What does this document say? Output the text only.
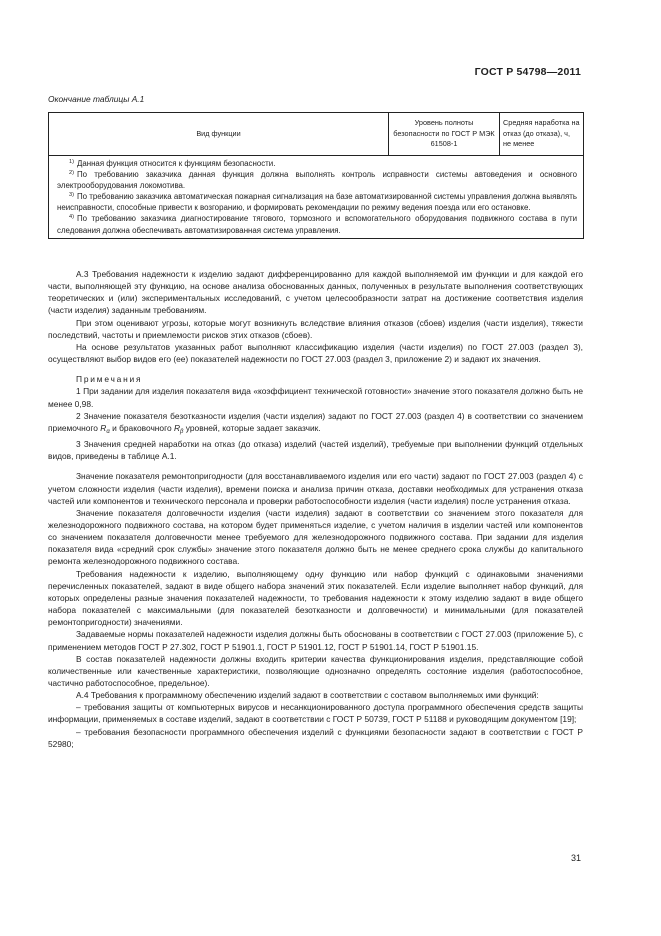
ГОСТ Р 54798—2011
Окончание таблицы А.1
Вид функции	Уровень полноты безопасности по ГОСТ Р МЭК 61508-1	Средняя наработка на отказ (до отказа), ч, не менее

$^{1)}$ Данная функция относится к функциям безопасности.

$^{2)}$ По требованию заказчика данная функция должна выполнять контроль исправности системы автоведения и основного электрооборудования локомотива.

$^{3)}$ По требованию заказчика автоматическая пожарная сигнализация на базе автоматизированной системы управления должна выявлять неисправности, способные привести к возгоранию, и формировать рекомендации по режиму ведения поезда или его остановке.

$^{4)}$ По требованию заказчика диагностирование тягового, тормозного и вспомогательного оборудования подвижного состава в пути следования должна обеспечивать автоматизированная система управления.

А.3 Требования надежности к изделию задают дифференцированно для каждой выполняемой им функции и для каждой его части, выполняющей эту функцию, на основе анализа обоснованных данных, полученных в результате выполнения соответствующих теоретических и (или) экспериментальных исследований, с учетом целесообразности затрат на достижение соответствия изделия (части изделия) заданным требованиям.

При этом оценивают угрозы, которые могут возникнуть вследствие влияния отказов (сбоев) изделия (части изделия), тяжести последствий, частоты и приемлемости рисков этих отказов (сбоев).

На основе результатов указанных работ выполняют классификацию изделия (части изделия) по ГОСТ 27.003 (раздел 3), осуществляют выбор видов его (ее) показателей надежности по ГОСТ 27.003 (раздел 3, приложение 2) и задают их значения.

Примечания

1 При задании для изделия показателя вида «коэффициент технической готовности» значение этого показателя должно быть не менее 0,98.

2 Значение показателя безотказности изделия (части изделия) задают по ГОСТ 27.003 (раздел 4) в соответствии со значением приемочного $R_\alpha$ и браковочного $R_\beta$ уровней, которые задает заказчик.

3 Значения средней наработки на отказ (до отказа) изделий (частей изделий), требуемые при выполнении функций отдельных видов, приведены в таблице А.1.

Значение показателя ремонтопригодности (для восстанавливаемого изделия или его части) задают по ГОСТ 27.003 (раздел 4) с учетом сложности изделия (части изделия), времени поиска и анализа причин отказа, доставки необходимых для устранения отказа частей или компонентов и технического персонала и проверки работоспособности изделия (части изделия) после устранения отказа.

Значение показателя долговечности изделия (части изделия) задают в соответствии со значением этого показателя для железнодорожного подвижного состава, на котором будет применяться изделие, с учетом наличия в изделии частей или компонентов со значением показателя долговечности менее требуемого для железнодорожного подвижного состава. При задании для изделия показателя вида «средний срок службы» значение этого показателя должно быть не менее среднего срока службы до капитального ремонта железнодорожного подвижного состава.

Требования надежности к изделию, выполняющему одну функцию или набор функций с одинаковыми значениями перечисленных показателей, задают в виде общего набора значений этих показателей. Если изделие выполняет набор функций, для которых определены разные значения показателей надежности, то требования надежности к этому изделию задают в виде общего набора показателей с максимальными (для показателей безотказности и долговечности) и минимальными (для показателей ремонтопригодности) значениями.

Задаваемые нормы показателей надежности изделия должны быть обоснованы в соответствии с ГОСТ 27.003 (приложение 5), с применением методов ГОСТ Р 27.302, ГОСТ Р 51901.1, ГОСТ Р 51901.12, ГОСТ Р 51901.14, ГОСТ Р 51901.15.

В состав показателей надежности должны входить критерии качества функционирования изделия, представляющие собой количественные или качественные характеристики, позволяющие однозначно определять состояние изделия (работоспособное, частично работоспособное, предельное).

А.4 Требования к программному обеспечению изделий задают в соответствии с составом выполняемых ими функций:

– требования защиты от компьютерных вирусов и несанкционированного доступа программного обеспечения средств защиты информации, применяемых в составе изделий, задают в соответствии с ГОСТ Р 50739, ГОСТ Р 51188 и руководящим документом [19];

– требования безопасности программного обеспечения изделий с функциями безопасности задают в соответствии с ГОСТ Р 52980;

31
